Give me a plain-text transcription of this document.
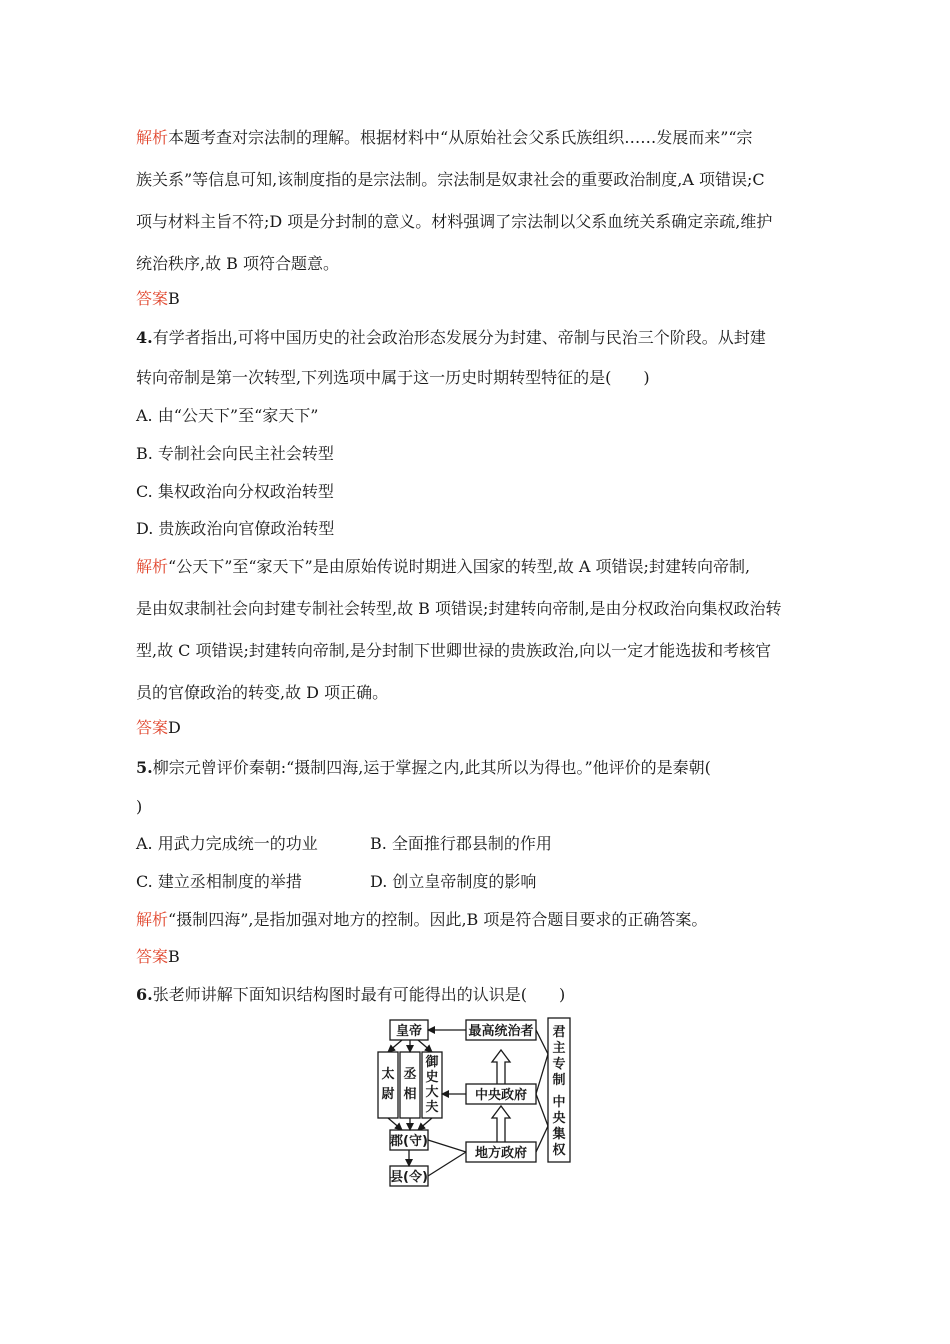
解析本题考查对宗法制的理解。根据材料中“从原始社会父系氏族组织……发展而来”“宗
族关系”等信息可知,该制度指的是宗法制。宗法制是奴隶社会的重要政治制度,A 项错误;C
项与材料主旨不符;D 项是分封制的意义。材料强调了宗法制以父系血统关系确定亲疏,维护
统治秩序,故 B 项符合题意。
答案B
4.有学者指出,可将中国历史的社会政治形态发展分为封建、帝制与民治三个阶段。从封建
转向帝制是第一次转型,下列选项中属于这一历史时期转型特征的是(　　)
A. 由“公天下”至“家天下”
B. 专制社会向民主社会转型
C. 集权政治向分权政治转型
D. 贵族政治向官僚政治转型
解析“公天下”至“家天下”是由原始传说时期进入国家的转型,故 A 项错误;封建转向帝制,
是由奴隶制社会向封建专制社会转型,故 B 项错误;封建转向帝制,是由分权政治向集权政治转
型,故 C 项错误;封建转向帝制,是分封制下世卿世禄的贵族政治,向以一定才能选拔和考核官
员的官僚政治的转变,故 D 项正确。
答案D
5.柳宗元曾评价秦朝:“摄制四海,运于掌握之内,此其所以为得也。”他评价的是秦朝(
)
A. 用武力完成统一的功业	B. 全面推行郡县制的作用
C. 建立丞相制度的举措	D. 创立皇帝制度的影响
解析“摄制四海”,是指加强对地方的控制。因此,B 项是符合题目要求的正确答案。
答案B
6.张老师讲解下面知识结构图时最有可能得出的认识是(　　)
皇帝
太尉
丞相
御史大夫
郡(守)
县(令)
最高统治者
中央政府
地方政府
君主专制
中央集权
